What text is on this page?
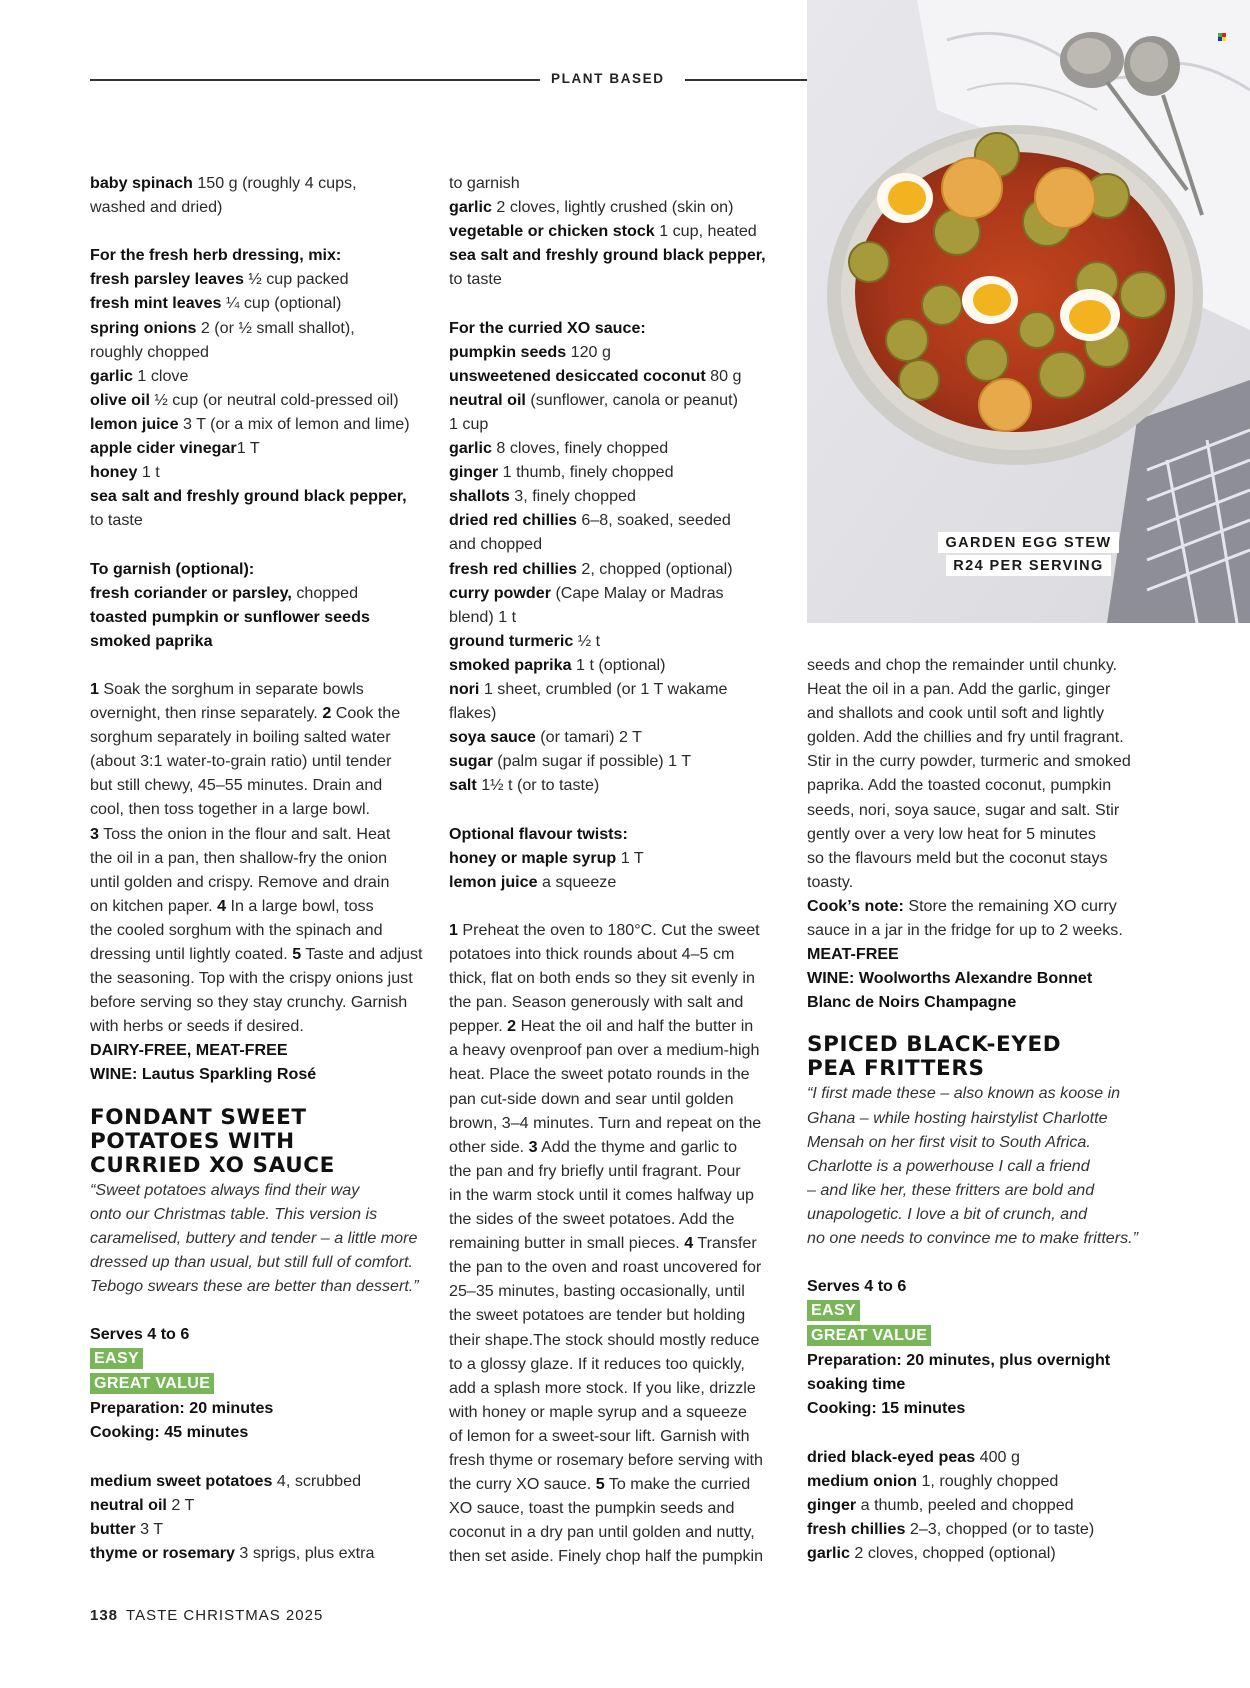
PLANT BASED
GARDEN EGG STEW
R24 PER SERVING

baby spinach 150 g (roughly 4 cups,

washed and dried)

For the fresh herb dressing, mix:

fresh parsley leaves ½ cup packed

fresh mint leaves ¼ cup (optional)

spring onions 2 (or ½ small shallot),

roughly chopped

garlic 1 clove

olive oil ½ cup (or neutral cold-pressed oil)

lemon juice 3 T (or a mix of lemon and lime)

apple cider vinegar1 T

honey 1 t

sea salt and freshly ground black pepper,

to taste

To garnish (optional):

fresh coriander or parsley, chopped

toasted pumpkin or sunflower seeds

smoked paprika

1 Soak the sorghum in separate bowls

overnight, then rinse separately. 2 Cook the

sorghum separately in boiling salted water

(about 3:1 water-to-grain ratio) until tender

but still chewy, 45–55 minutes. Drain and

cool, then toss together in a large bowl.

3 Toss the onion in the flour and salt. Heat

the oil in a pan, then shallow-fry the onion

until golden and crispy. Remove and drain

on kitchen paper. 4 In a large bowl, toss

the cooled sorghum with the spinach and

dressing until lightly coated. 5 Taste and adjust

the seasoning. Top with the crispy onions just

before serving so they stay crunchy. Garnish

with herbs or seeds if desired.

DAIRY-FREE, MEAT-FREE

WINE: Lautus Sparkling Rosé

FONDANT SWEET
POTATOES WITH
CURRIED XO SAUCE

“Sweet potatoes always find their way

onto our Christmas table. This version is

caramelised, buttery and tender – a little more

dressed up than usual, but still full of comfort.

Tebogo swears these are better than dessert.”

Serves 4 to 6

EASY
GREAT VALUE

Preparation: 20 minutes

Cooking: 45 minutes

medium sweet potatoes 4, scrubbed

neutral oil 2 T

butter 3 T

thyme or rosemary 3 sprigs, plus extra

to garnish

garlic 2 cloves, lightly crushed (skin on)

vegetable or chicken stock 1 cup, heated

sea salt and freshly ground black pepper,

to taste

For the curried XO sauce:

pumpkin seeds 120 g

unsweetened desiccated coconut 80 g

neutral oil (sunflower, canola or peanut)

1 cup

garlic 8 cloves, finely chopped

ginger 1 thumb, finely chopped

shallots 3, finely chopped

dried red chillies 6–8, soaked, seeded

and chopped

fresh red chillies 2, chopped (optional)

curry powder (Cape Malay or Madras

blend) 1 t

ground turmeric ½ t

smoked paprika 1 t (optional)

nori 1 sheet, crumbled (or 1 T wakame

flakes)

soya sauce (or tamari) 2 T

sugar (palm sugar if possible) 1 T

salt 1½ t (or to taste)

Optional flavour twists:

honey or maple syrup 1 T

lemon juice a squeeze

1 Preheat the oven to 180°C. Cut the sweet

potatoes into thick rounds about 4–5 cm

thick, flat on both ends so they sit evenly in

the pan. Season generously with salt and

pepper. 2 Heat the oil and half the butter in

a heavy ovenproof pan over a medium-high

heat. Place the sweet potato rounds in the

pan cut-side down and sear until golden

brown, 3–4 minutes. Turn and repeat on the

other side. 3 Add the thyme and garlic to

the pan and fry briefly until fragrant. Pour

in the warm stock until it comes halfway up

the sides of the sweet potatoes. Add the

remaining butter in small pieces. 4 Transfer

the pan to the oven and roast uncovered for

25–35 minutes, basting occasionally, until

the sweet potatoes are tender but holding

their shape.The stock should mostly reduce

to a glossy glaze. If it reduces too quickly,

add a splash more stock. If you like, drizzle

with honey or maple syrup and a squeeze

of lemon for a sweet-sour lift. Garnish with

fresh thyme or rosemary before serving with

the curry XO sauce. 5 To make the curried

XO sauce, toast the pumpkin seeds and

coconut in a dry pan until golden and nutty,

then set aside. Finely chop half the pumpkin

seeds and chop the remainder until chunky.

Heat the oil in a pan. Add the garlic, ginger

and shallots and cook until soft and lightly

golden. Add the chillies and fry until fragrant.

Stir in the curry powder, turmeric and smoked

paprika. Add the toasted coconut, pumpkin

seeds, nori, soya sauce, sugar and salt. Stir

gently over a very low heat for 5 minutes

so the flavours meld but the coconut stays

toasty.

Cook’s note: Store the remaining XO curry

sauce in a jar in the fridge for up to 2 weeks.

MEAT-FREE

WINE: Woolworths Alexandre Bonnet

Blanc de Noirs Champagne

SPICED BLACK-EYED
PEA FRITTERS

“I first made these – also known as koose in

Ghana – while hosting hairstylist Charlotte

Mensah on her first visit to South Africa.

Charlotte is a powerhouse I call a friend

– and like her, these fritters are bold and

unapologetic. I love a bit of crunch, and

no one needs to convince me to make fritters.”

Serves 4 to 6

EASY
GREAT VALUE

Preparation: 20 minutes, plus overnight

soaking time

Cooking: 15 minutes

dried black-eyed peas 400 g

medium onion 1, roughly chopped

ginger a thumb, peeled and chopped

fresh chillies 2–3, chopped (or to taste)

garlic 2 cloves, chopped (optional)

138 TASTE CHRISTMAS 2025
